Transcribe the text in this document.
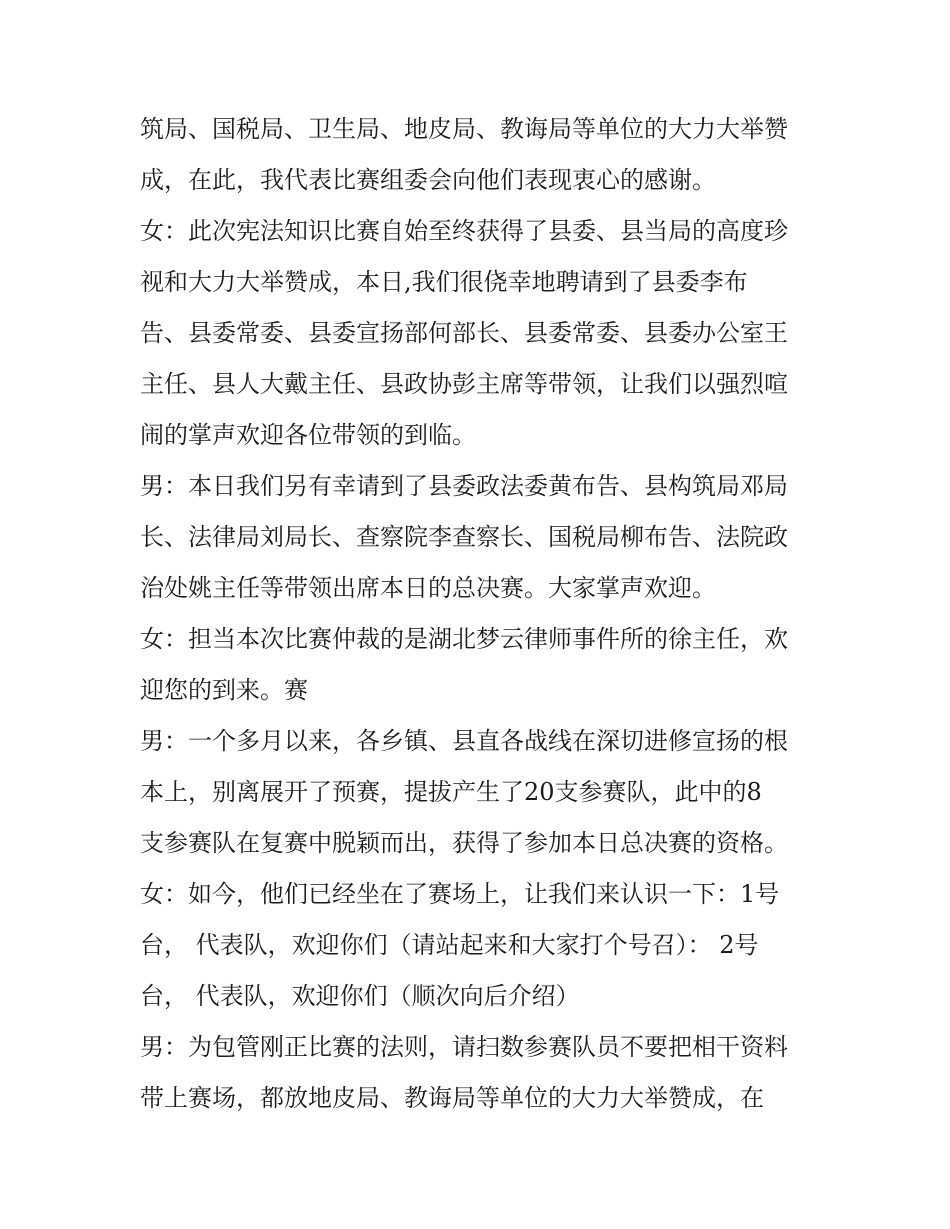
筑局、国税局、卫生局、地皮局、教诲局等单位的大力大举赞
成，在此，我代表比赛组委会向他们表现衷心的感谢。
女：此次宪法知识比赛自始至终获得了县委、县当局的高度珍
视和大力大举赞成，本日,我们很侥幸地聘请到了县委李布
告、县委常委、县委宣扬部何部长、县委常委、县委办公室王
主任、县人大戴主任、县政协彭主席等带领，让我们以强烈喧
闹的掌声欢迎各位带领的到临。
男：本日我们另有幸请到了县委政法委黄布告、县构筑局邓局
长、法律局刘局长、查察院李查察长、国税局柳布告、法院政
治处姚主任等带领出席本日的总决赛。大家掌声欢迎。
女：担当本次比赛仲裁的是湖北梦云律师事件所的徐主任，欢
迎您的到来。赛
男：一个多月以来，各乡镇、县直各战线在深切进修宣扬的根
本上，别离展开了预赛，提拔产生了20支参赛队，此中的8
支参赛队在复赛中脱颖而出，获得了参加本日总决赛的资格。
女：如今，他们已经坐在了赛场上，让我们来认识一下：1号
台， 代表队，欢迎你们（请站起来和大家打个号召）： 2号
台， 代表队，欢迎你们（顺次向后介绍）
男：为包管刚正比赛的法则，请扫数参赛队员不要把相干资料
带上赛场，都放地皮局、教诲局等单位的大力大举赞成，在
